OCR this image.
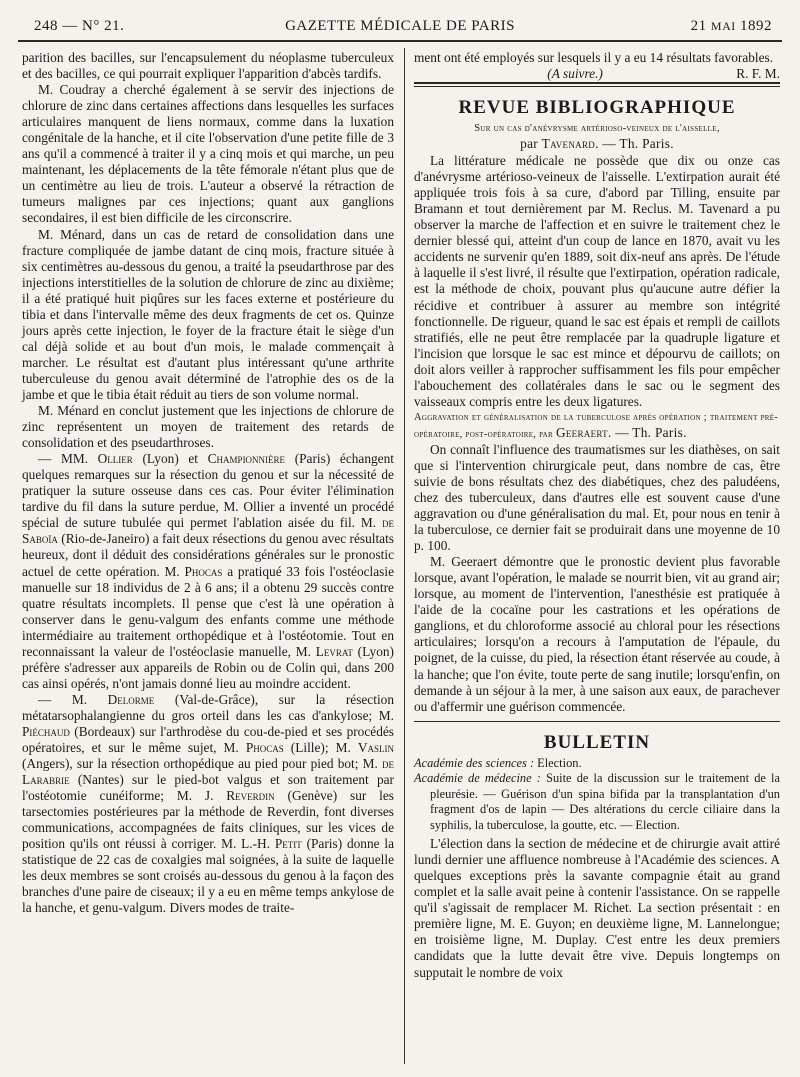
248 — N° 21.	GAZETTE MÉDICALE DE PARIS	21 MAI 1892

parition des bacilles, sur l'encapsulement du néoplasme tuberculeux et des bacilles, ce qui pourrait expliquer l'apparition d'abcès tardifs.

M. Coudray a cherché également à se servir des injections de chlorure de zinc dans certaines affections dans lesquelles les surfaces articulaires manquent de liens normaux, comme dans la luxation congénitale de la hanche, et il cite l'observation d'une petite fille de 3 ans qu'il a commencé à traiter il y a cinq mois et qui marche, un peu maintenant, les déplacements de la tête fémorale n'étant plus que de un centimètre au lieu de trois. L'auteur a observé la rétraction de tumeurs malignes par ces injections; quant aux ganglions secondaires, il est bien difficile de les circonscrire.

M. Ménard, dans un cas de retard de consolidation dans une fracture compliquée de jambe datant de cinq mois, fracture située à six centimètres au-dessous du genou, a traité la pseudarthrose par des injections interstitielles de la solution de chlorure de zinc au dixième; il a été pratiqué huit piqûres sur les faces externe et postérieure du tibia et dans l'intervalle même des deux fragments de cet os. Quinze jours après cette injection, le foyer de la fracture était le siège d'un cal déjà solide et au bout d'un mois, le malade commençait à marcher. Le résultat est d'autant plus intéressant qu'une arthrite tuberculeuse du genou avait déterminé de l'atrophie des os de la jambe et que le tibia était réduit au tiers de son volume normal.

M. Ménard en conclut justement que les injections de chlorure de zinc représentent un moyen de traitement des retards de consolidation et des pseudarthroses.

— MM. Ollier (Lyon) et Championnière (Paris) échangent quelques remarques sur la résection du genou et sur la nécessité de pratiquer la suture osseuse dans ces cas. Pour éviter l'élimination tardive du fil dans la suture perdue, M. Ollier a inventé un procédé spécial de suture tubulée qui permet l'ablation aisée du fil. M. de Saboïa (Rio-de-Janeiro) a fait deux résections du genou avec résultats heureux, dont il déduit des considérations générales sur le pronostic actuel de cette opération. M. Phocas a pratiqué 33 fois l'ostéoclasie manuelle sur 18 individus de 2 à 6 ans; il a obtenu 29 succès contre quatre résultats incomplets. Il pense que c'est là une opération à conserver dans le genu-valgum des enfants comme une méthode intermédiaire au traitement orthopédique et à l'ostéotomie. Tout en reconnaissant la valeur de l'ostéoclasie manuelle, M. Levrat (Lyon) préfère s'adresser aux appareils de Robin ou de Colin qui, dans 200 cas ainsi opérés, n'ont jamais donné lieu au moindre accident.

— M. Delorme (Val-de-Grâce), sur la résection métatarsophalangienne du gros orteil dans les cas d'ankylose; M. Piéchaud (Bordeaux) sur l'arthrodèse du cou-de-pied et ses procédés opératoires, et sur le même sujet, M. Phocas (Lille); M. Vaslin (Angers), sur la résection orthopédique au pied pour pied bot; M. de Larabrie (Nantes) sur le pied-bot valgus et son traitement par l'ostéotomie cunéiforme; M. J. Reverdin (Genève) sur les tarsectomies postérieures par la méthode de Reverdin, font diverses communications, accompagnées de faits cliniques, sur les vices de position qu'ils ont réussi à corriger. M. L.-H. Petit (Paris) donne la statistique de 22 cas de coxalgies mal soignées, à la suite de laquelle les deux membres se sont croisés au-dessous du genou à la façon des branches d'une paire de ciseaux; il y a eu en même temps ankylose de la hanche, et genu-valgum. Divers modes de traite-

ment ont été employés sur lesquels il y a eu 14 résultats favorables.

(A suivre.)	R. F. M.

REVUE BIBLIOGRAPHIQUE
Sur un cas d'anévrysme artérioso-veineux de l'aisselle,
par Tavenard. — Th. Paris.

La littérature médicale ne possède que dix ou onze cas d'anévrysme artérioso-veineux de l'aisselle. L'extirpation aurait été appliquée trois fois à sa cure, d'abord par Tilling, ensuite par Bramann et tout dernièrement par M. Reclus. M. Tavenard a pu observer la marche de l'affection et en suivre le traitement chez le dernier blessé qui, atteint d'un coup de lance en 1870, avait vu les accidents ne survenir qu'en 1889, soit dix-neuf ans après. De l'étude à laquelle il s'est livré, il résulte que l'extirpation, opération radicale, est la méthode de choix, pouvant plus qu'aucune autre défier la récidive et contribuer à assurer au membre son intégrité fonctionnelle. De rigueur, quand le sac est épais et rempli de caillots stratifiés, elle ne peut être remplacée par la quadruple ligature et l'incision que lorsque le sac est mince et dépourvu de caillots; on doit alors veiller à rapprocher suffisamment les fils pour empêcher l'abouchement des collatérales dans le sac ou le segment des vaisseaux compris entre les deux ligatures.

Aggravation et généralisation de la tuberculose après opération ; traitement pré-opératoire, post-opératoire, par Geeraert. — Th. Paris.

On connaît l'influence des traumatismes sur les diathèses, on sait que si l'intervention chirurgicale peut, dans nombre de cas, être suivie de bons résultats chez des diabétiques, chez des paludéens, chez des tuberculeux, dans d'autres elle est souvent cause d'une aggravation ou d'une généralisation du mal. Et, pour nous en tenir à la tuberculose, ce dernier fait se produirait dans une moyenne de 10 p. 100.

M. Geeraert démontre que le pronostic devient plus favorable lorsque, avant l'opération, le malade se nourrit bien, vit au grand air; lorsque, au moment de l'intervention, l'anesthésie est pratiquée à l'aide de la cocaïne pour les castrations et les opérations de ganglions, et du chloroforme associé au chloral pour les résections articulaires; lorsqu'on a recours à l'amputation de l'épaule, du poignet, de la cuisse, du pied, la résection étant réservée au coude, à la hanche; que l'on évite, toute perte de sang inutile; lorsqu'enfin, on demande à un séjour à la mer, à une saison aux eaux, de parachever ou d'affermir une guérison commencée.

BULLETIN

Académie des sciences : Election.

Académie de médecine : Suite de la discussion sur le traitement de la pleurésie. — Guérison d'un spina bifida par la transplantation d'un fragment d'os de lapin — Des altérations du cercle ciliaire dans la syphilis, la tuberculose, la goutte, etc. — Election.

L'élection dans la section de médecine et de chirurgie avait attiré lundi dernier une affluence nombreuse à l'Académie des sciences. A quelques exceptions près la savante compagnie était au grand complet et la salle avait peine à contenir l'assistance. On se rappelle qu'il s'agissait de remplacer M. Richet. La section présentait : en première ligne, M. E. Guyon; en deuxième ligne, M. Lannelongue; en troisième ligne, M. Duplay. C'est entre les deux premiers candidats que la lutte devait être vive. Depuis longtemps on supputait le nombre de voix
